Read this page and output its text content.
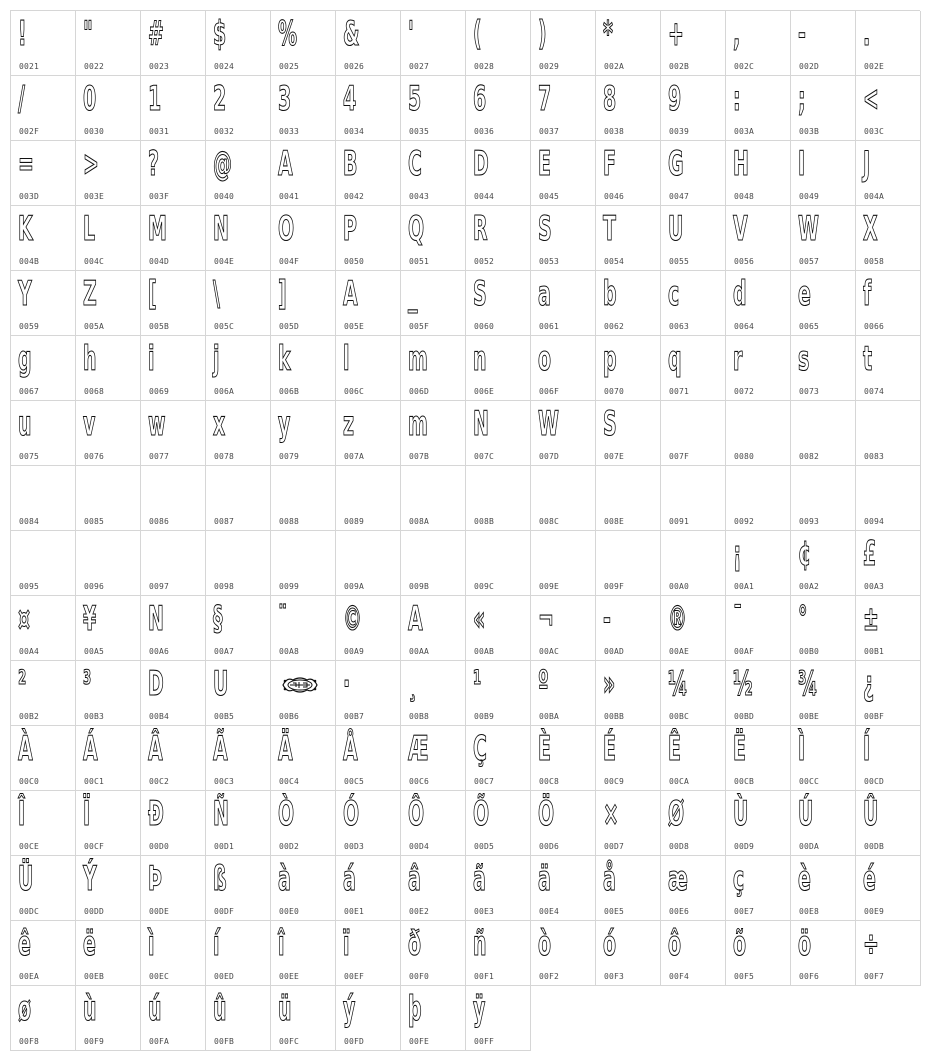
!
0021
"
0022
#
0023
$
0024
%
0025
&
0026
'
0027
(
0028
)
0029
*
002A
+
002B
,
002C
-
002D
.
002E
/
002F
0
0030
1
0031
2
0032
3
0033
4
0034
5
0035
6
0036
7
0037
8
0038
9
0039
:
003A
;
003B
<
003C
=
003D
>
003E
?
003F
@
0040
A
0041
B
0042
C
0043
D
0044
E
0045
F
0046
G
0047
H
0048
I
0049
J
004A
K
004B
L
004C
M
004D
N
004E
O
004F
P
0050
Q
0051
R
0052
S
0053
T
0054
U
0055
V
0056
W
0057
X
0058
Y
0059
Z
005A
[
005B
\
005C
]
005D
A
005E
_
005F
S
0060
a
0061
b
0062
c
0063
d
0064
e
0065
f
0066
g
0067
h
0068
i
0069
j
006A
k
006B
l
006C
m
006D
n
006E
o
006F
p
0070
q
0071
r
0072
s
0073
t
0074
u
0075
v
0076
w
0077
x
0078
y
0079
z
007A
m
007B
N
007C
W
007D
S
007E	007F	0080	0082	0083
0084	0085	0086	0087	0088	0089	008A	008B	008C	008E	0091	0092	0093	0094
0095	0096	0097	0098	0099	009A	009B	009C	009E	009F	00A0
¡
00A1
¢
00A2
£
00A3
¤
00A4
¥
00A5
N
00A6
§
00A7
¨
00A8
©
00A9
A
00AA
«
00AB
¬
00AC
-
00AD
®
00AE
¯
00AF
°
00B0
±
00B1
²
00B2
³
00B3
D
00B4
U
00B5	00B6
·
00B7
¸
00B8
¹
00B9
º
00BA
»
00BB
¼
00BC
½
00BD
¾
00BE
¿
00BF
À
00C0
Á
00C1
Â
00C2
Ã
00C3
Ä
00C4
Å
00C5
Æ
00C6
Ç
00C7
È
00C8
É
00C9
Ê
00CA
Ë
00CB
Ì
00CC
Í
00CD
Î
00CE
Ï
00CF
Ð
00D0
Ñ
00D1
Ò
00D2
Ó
00D3
Ô
00D4
Õ
00D5
Ö
00D6
×
00D7
Ø
00D8
Ù
00D9
Ú
00DA
Û
00DB
Ü
00DC
Ý
00DD
Þ
00DE
ß
00DF
à
00E0
á
00E1
â
00E2
ã
00E3
ä
00E4
å
00E5
æ
00E6
ç
00E7
è
00E8
é
00E9
ê
00EA
ë
00EB
ì
00EC
í
00ED
î
00EE
ï
00EF
ð
00F0
ñ
00F1
ò
00F2
ó
00F3
ô
00F4
õ
00F5
ö
00F6
÷
00F7
ø
00F8
ù
00F9
ú
00FA
û
00FB
ü
00FC
ý
00FD
þ
00FE
ÿ
00FF
